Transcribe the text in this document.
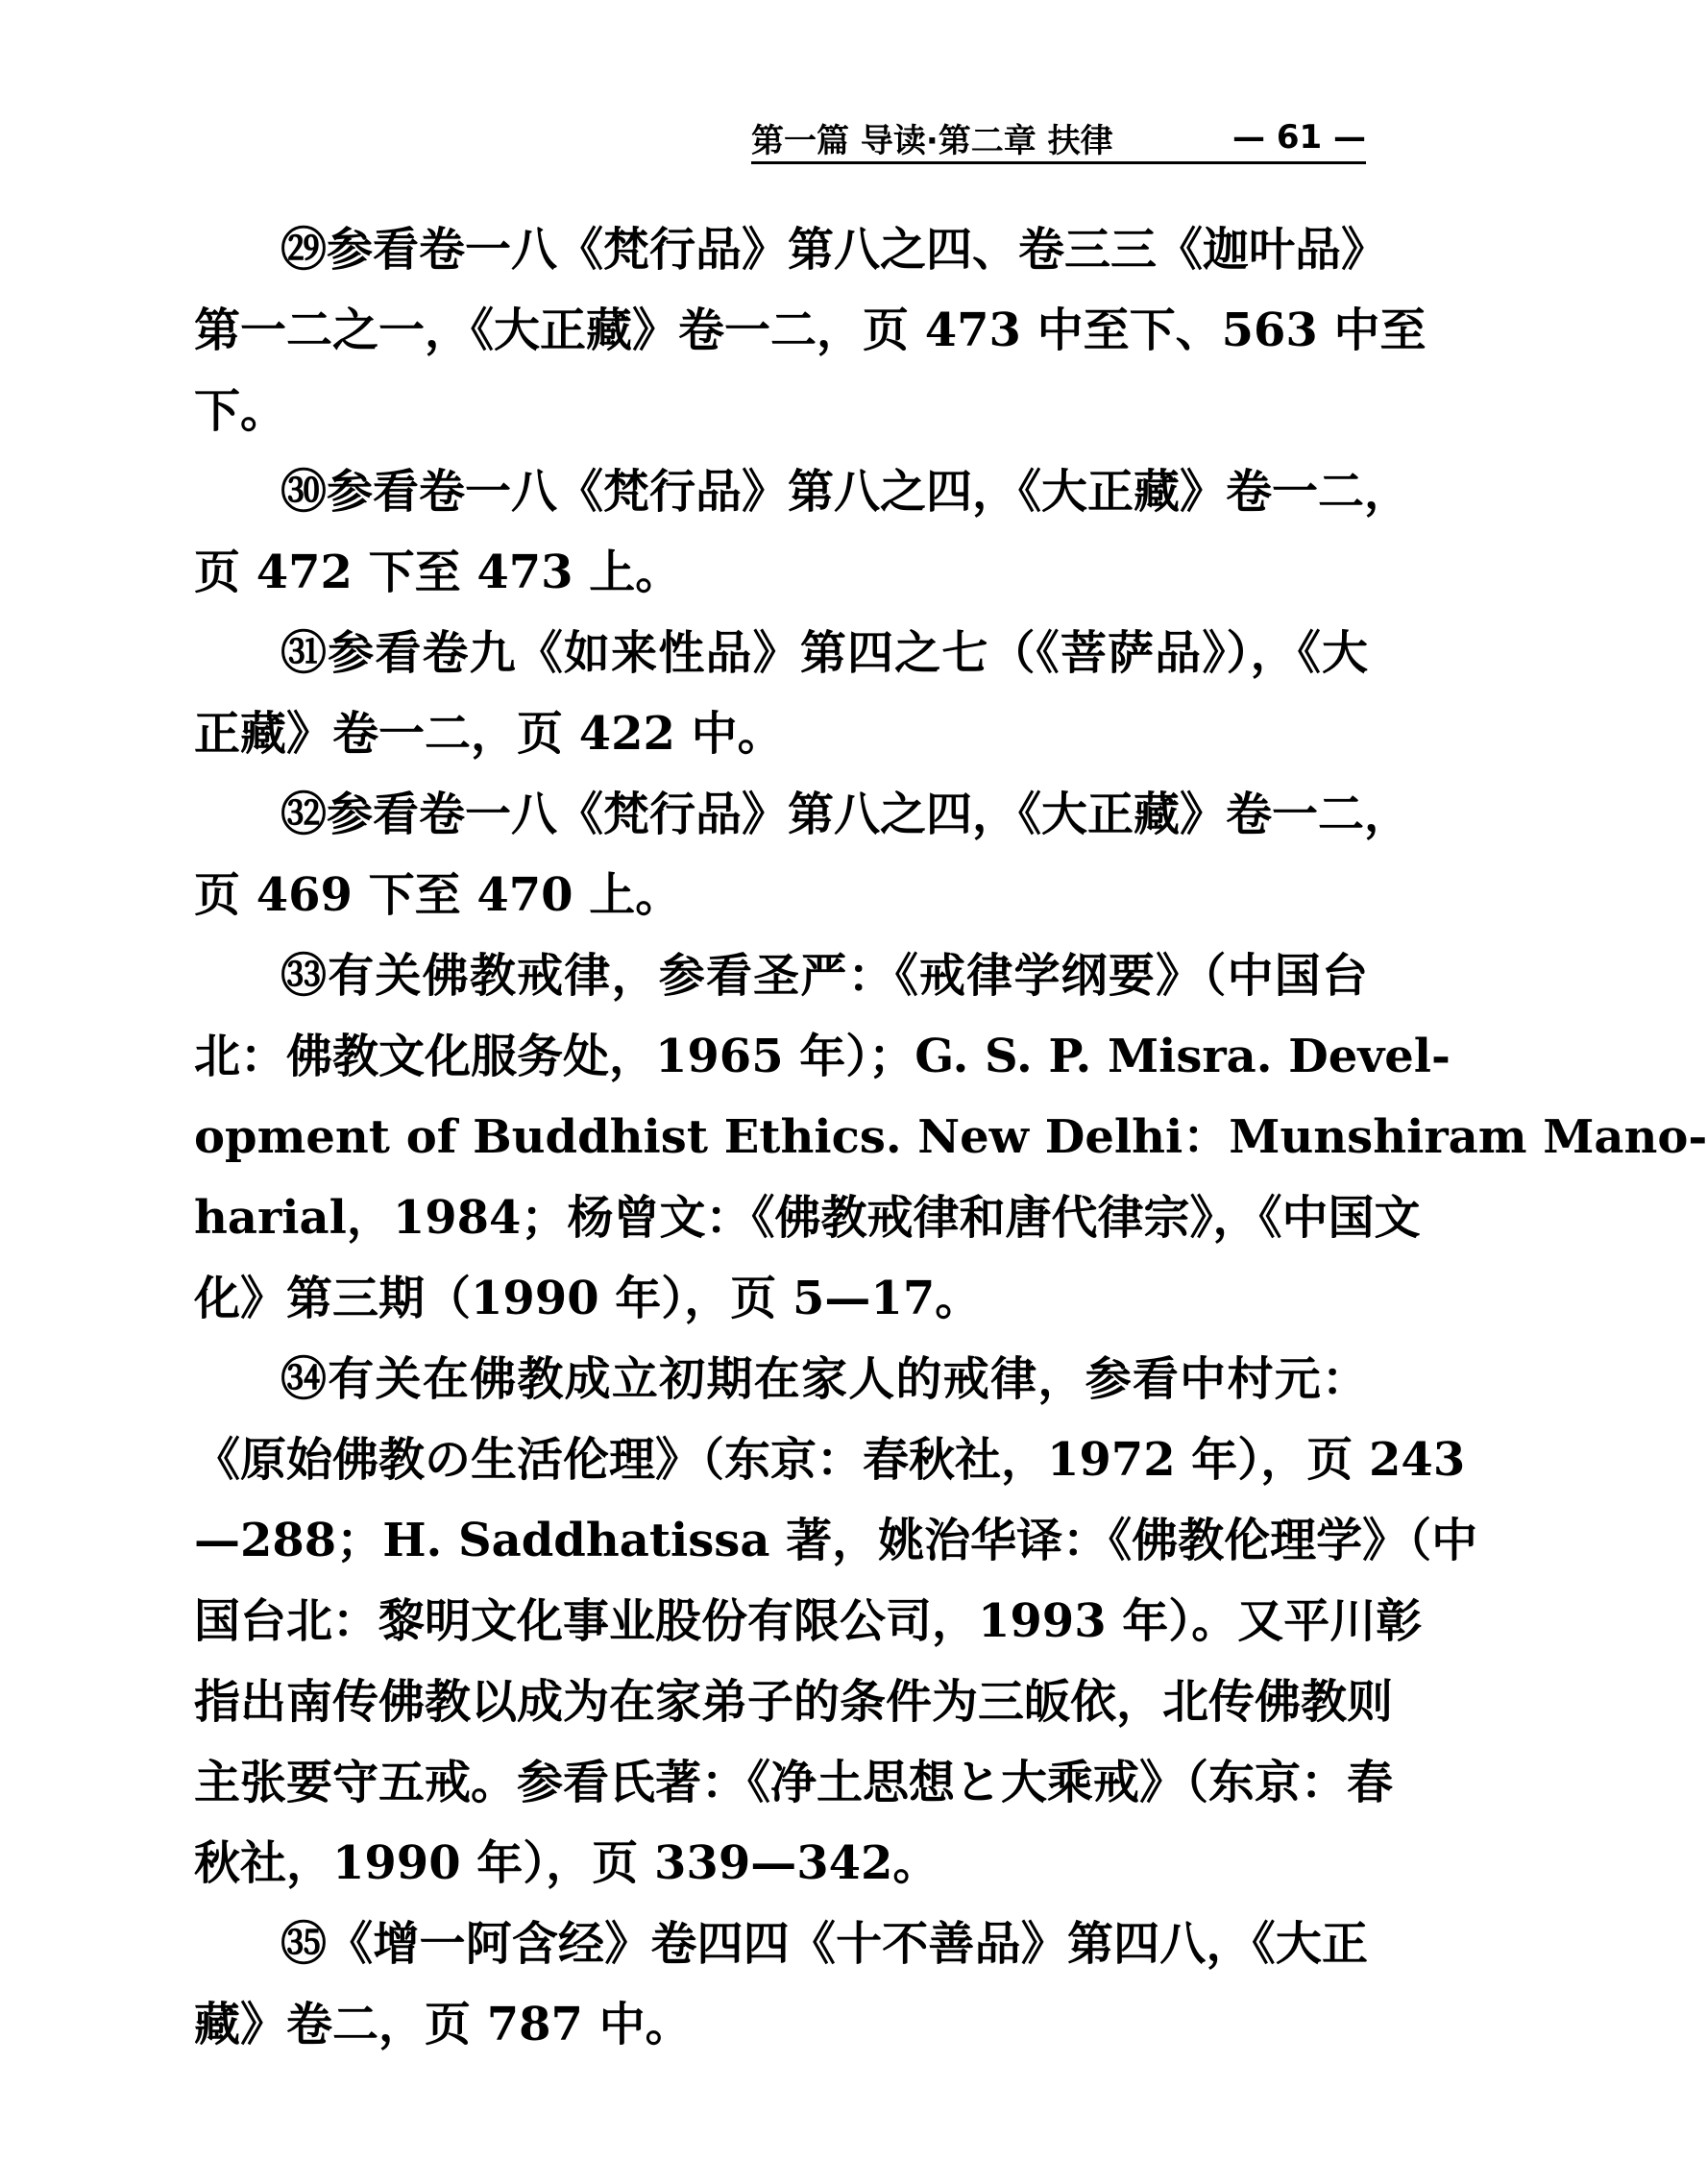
第一篇 导读·第二章 扶律	— 61 —
㉙参看卷一八《梵行品》第八之四、卷三三《迦叶品》
第一二之一，《大正藏》卷一二，页 473 中至下、563 中至
下。
㉚参看卷一八《梵行品》第八之四，《大正藏》卷一二，
页 472 下至 473 上。
㉛参看卷九《如来性品》第四之七（《菩萨品》），《大
正藏》卷一二，页 422 中。
㉜参看卷一八《梵行品》第八之四，《大正藏》卷一二，
页 469 下至 470 上。
㉝有关佛教戒律，参看圣严：《戒律学纲要》（中国台
北：佛教文化服务处，1965 年）；G. S. P. Misra. Devel-
opment of Buddhist Ethics. New Delhi：Munshiram Mano-
harial，1984；杨曾文：《佛教戒律和唐代律宗》，《中国文
化》第三期（1990 年），页 5—17。
㉞有关在佛教成立初期在家人的戒律，参看中村元：
《原始佛教の生活伦理》（东京：春秋社，1972 年），页 243
—288；H. Saddhatissa 著，姚治华译：《佛教伦理学》（中
国台北：黎明文化事业股份有限公司，1993 年）。又平川彰
指出南传佛教以成为在家弟子的条件为三皈依，北传佛教则
主张要守五戒。参看氏著：《净土思想と大乘戒》（东京：春
秋社，1990 年），页 339—342。
㉟《增一阿含经》卷四四《十不善品》第四八，《大正
藏》卷二，页 787 中。
